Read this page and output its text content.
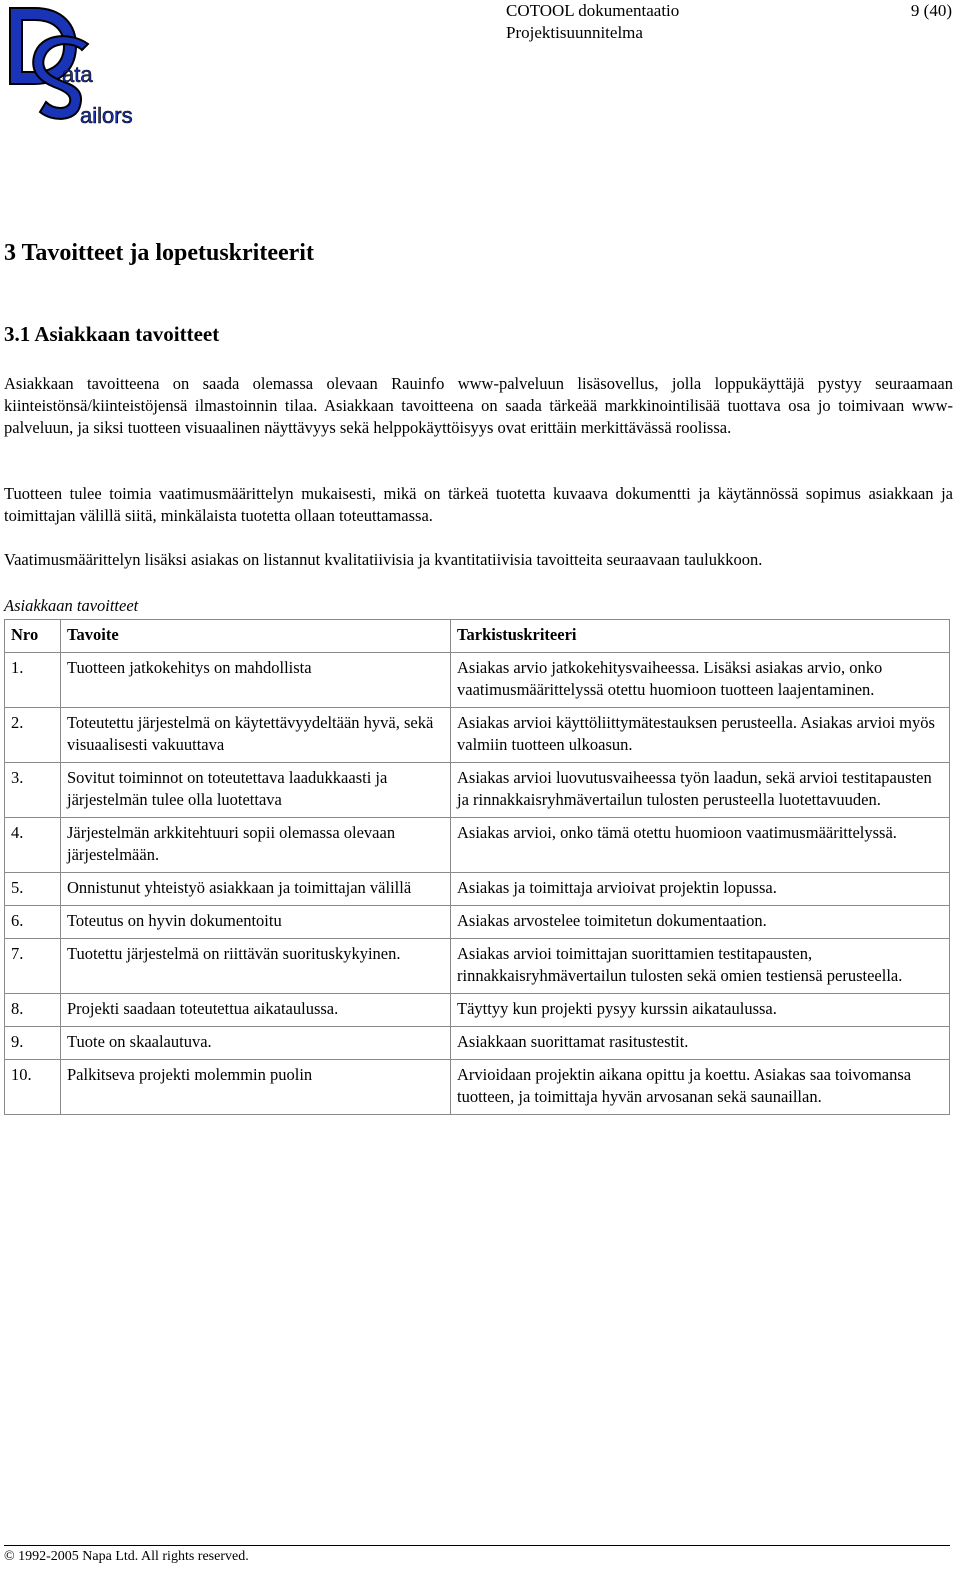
ata
ailors
COTOOL dokumentaatio
Projektisuunnitelma
9 (40)
3 Tavoitteet ja lopetuskriteerit
3.1 Asiakkaan tavoitteet

Asiakkaan tavoitteena on saada olemassa olevaan Rauinfo www-palveluun lisäsovellus, jolla loppukäyttäjä pystyy seuraamaan kiinteistönsä/kiinteistöjensä ilmastoinnin tilaa. Asiakkaan tavoitteena on saada tärkeää markkinointilisää tuottava osa jo toimivaan www-palveluun, ja siksi tuotteen visuaalinen näyttävyys sekä helppokäyttöisyys ovat erittäin merkittävässä roolissa.

Tuotteen tulee toimia vaatimusmäärittelyn mukaisesti, mikä on tärkeä tuotetta kuvaava dokumentti ja käytännössä sopimus asiakkaan ja toimittajan välillä siitä, minkälaista tuotetta ollaan toteuttamassa.

Vaatimusmäärittelyn lisäksi asiakas on listannut kvalitatiivisia ja kvantitatiivisia tavoitteita seuraavaan taulukkoon.

Asiakkaan tavoitteet
Nro	Tavoite	Tarkistuskriteeri
1.	Tuotteen jatkokehitys on mahdollista	Asiakas arvio jatkokehitysvaiheessa. Lisäksi asiakas arvio, onko vaatimusmäärittelyssä otettu huomioon tuotteen laajentaminen.
2.	Toteutettu järjestelmä on käytettävyydeltään hyvä, sekä visuaalisesti vakuuttava	Asiakas arvioi käyttöliittymätestauksen perusteella. Asiakas arvioi myös valmiin tuotteen ulkoasun.
3.	Sovitut toiminnot on toteutettava laadukkaasti ja järjestelmän tulee olla luotettava	Asiakas arvioi luovutusvaiheessa työn laadun, sekä arvioi testitapausten ja rinnakkaisryhmävertailun tulosten perusteella luotettavuuden.
4.	Järjestelmän arkkitehtuuri sopii olemassa olevaan järjestelmään.	Asiakas arvioi, onko tämä otettu huomioon vaatimusmäärittelyssä.
5.	Onnistunut yhteistyö asiakkaan ja toimittajan välillä	Asiakas ja toimittaja arvioivat projektin lopussa.
6.	Toteutus on hyvin dokumentoitu	Asiakas arvostelee toimitetun dokumentaation.
7.	Tuotettu järjestelmä on riittävän suorituskykyinen.	Asiakas arvioi toimittajan suorittamien testitapausten, rinnakkaisryhmävertailun tulosten sekä omien testiensä perusteella.
8.	Projekti saadaan toteutettua aikataulussa.	Täyttyy kun projekti pysyy kurssin aikataulussa.
9.	Tuote on skaalautuva.	Asiakkaan suorittamat rasitustestit.
10.	Palkitseva projekti molemmin puolin	Arvioidaan projektin aikana opittu ja koettu. Asiakas saa toivomansa tuotteen, ja toimittaja hyvän arvosanan sekä saunaillan.
© 1992-2005 Napa Ltd. All rights reserved.
